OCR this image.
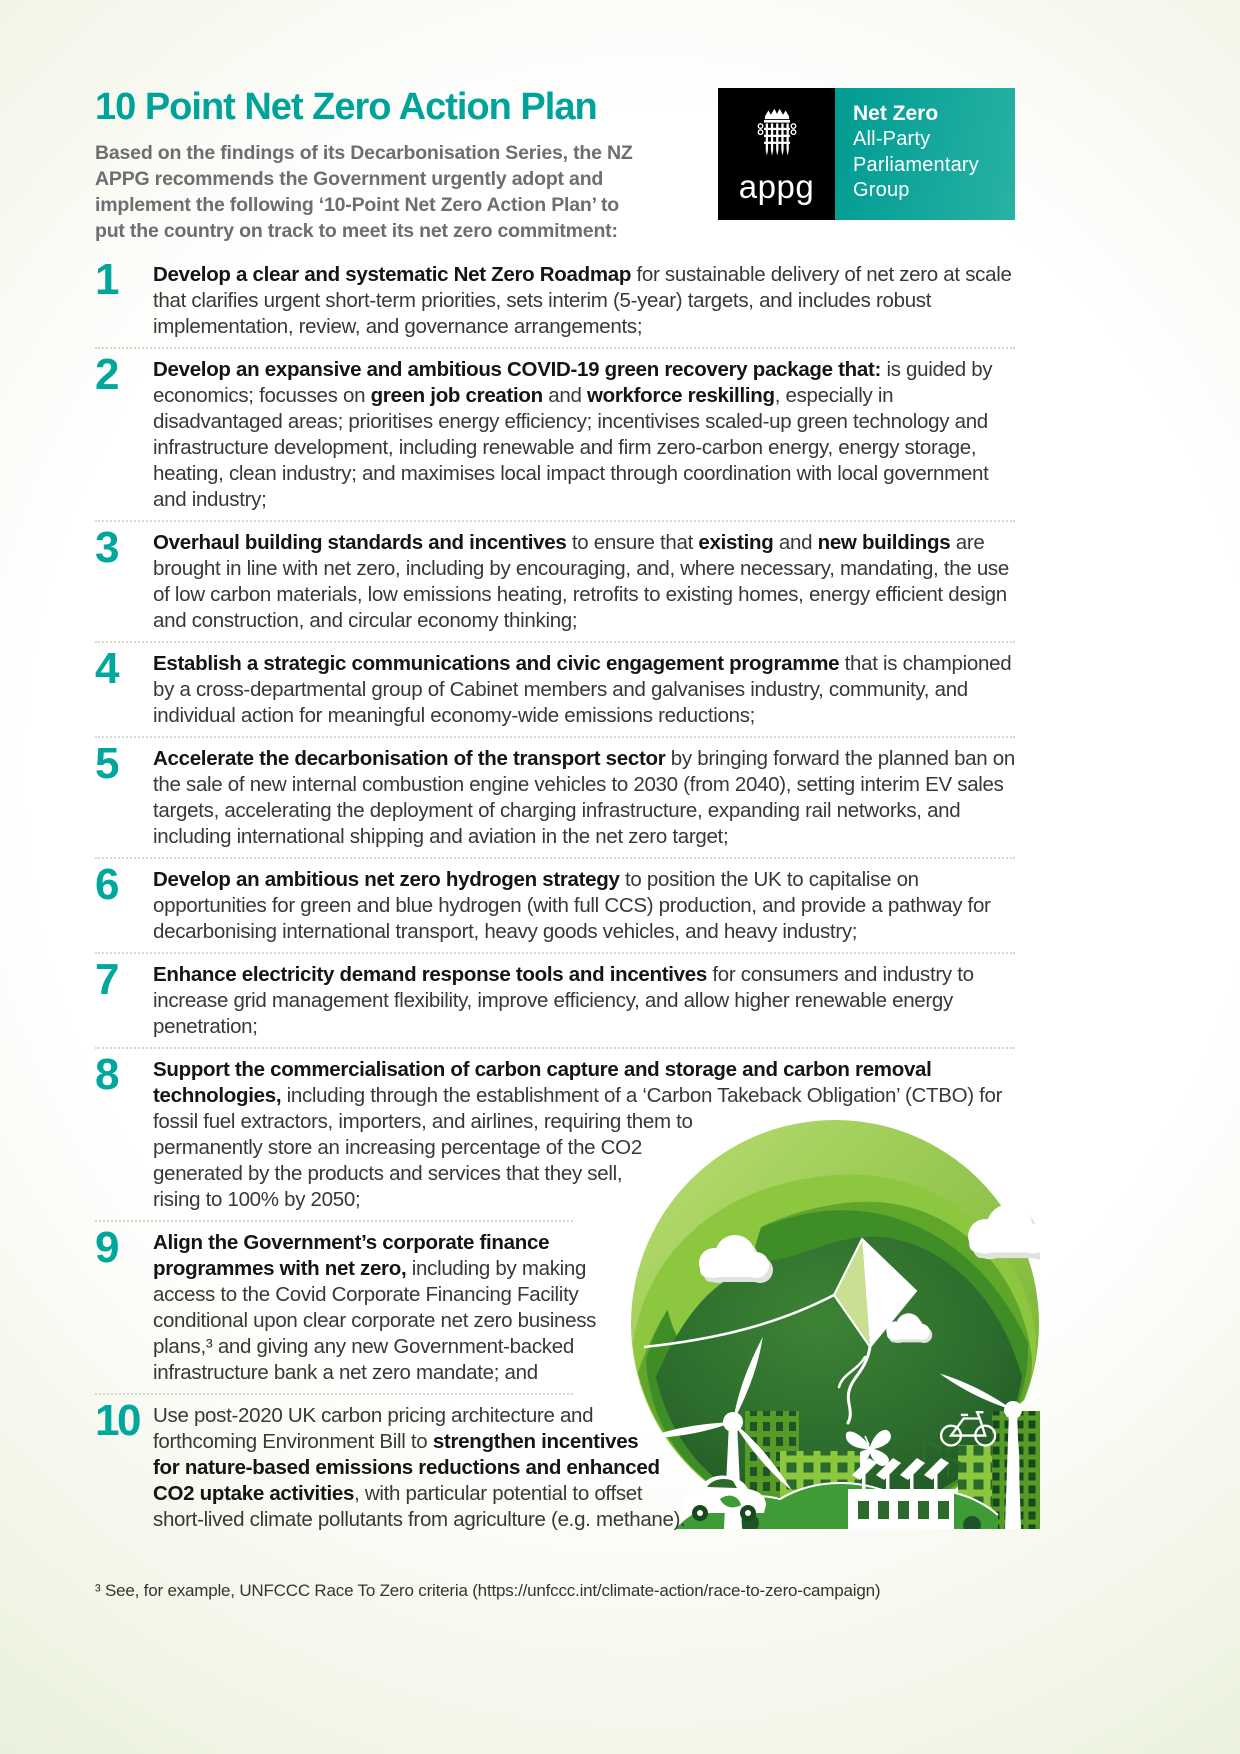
10 Point Net Zero Action Plan
Based on the findings of its Decarbonisation Series, the NZ
APPG recommends the Government urgently adopt and
implement the following ‘10-Point Net Zero Action Plan’ to
put the country on track to meet its net zero commitment:
appg
Net Zero
All-Party
Parliamentary
Group
1	Develop a clear and systematic Net Zero Roadmap for sustainable delivery of net zero at scale that clarifies urgent short-term priorities, sets interim (5-year) targets, and includes robust implementation, review, and governance arrangements;
2	Develop an expansive and ambitious COVID-19 green recovery package that: is guided by economics; focusses on green job creation and workforce reskilling, especially in disadvantaged areas; prioritises energy efficiency; incentivises scaled-up green technology and infrastructure development, including renewable and firm zero-carbon energy, energy storage, heating, clean industry; and maximises local impact through coordination with local government and industry;
3	Overhaul building standards and incentives to ensure that existing and new buildings are brought in line with net zero, including by encouraging, and, where necessary, mandating, the use of low carbon materials, low emissions heating, retrofits to existing homes, energy efficient design and construction, and circular economy thinking;
4	Establish a strategic communications and civic engagement programme that is championed by a cross-departmental group of Cabinet members and galvanises industry, community, and individual action for meaningful economy-wide emissions reductions;
5	Accelerate the decarbonisation of the transport sector by bringing forward the planned ban on the sale of new internal combustion engine vehicles to 2030 (from 2040), setting interim EV sales targets, accelerating the deployment of charging infrastructure, expanding rail networks, and including international shipping and aviation in the net zero target;
6	Develop an ambitious net zero hydrogen strategy to position the UK to capitalise on opportunities for green and blue hydrogen (with full CCS) production, and provide a pathway for decarbonising international transport, heavy goods vehicles, and heavy industry;
7	Enhance electricity demand response tools and incentives for consumers and industry to increase grid management flexibility, improve efficiency, and allow higher renewable energy penetration;
8	Support the commercialisation of carbon capture and storage and carbon removal technologies, including through the establishment of a ‘Carbon Takeback Obligation’ (CTBO) for fossil fuel extractors, importers, and airlines, requiring them to permanently store an increasing percentage of the CO2 generated by the products and services that they sell, rising to 100% by 2050;
9	Align the Government’s corporate finance programmes with net zero, including by making access to the Covid Corporate Financing Facility conditional upon clear corporate net zero business plans,³ and giving any new Government-backed infrastructure bank a net zero mandate; and
10 Use post-2020 UK carbon pricing architecture and forthcoming Environment Bill to strengthen incentives for nature-based emissions reductions and enhanced CO2 uptake activities, with particular potential to offset short-lived climate pollutants from agriculture (e.g. methane).
³ See, for example, UNFCCC Race To Zero criteria (https://unfccc.int/climate-action/race-to-zero-campaign)
